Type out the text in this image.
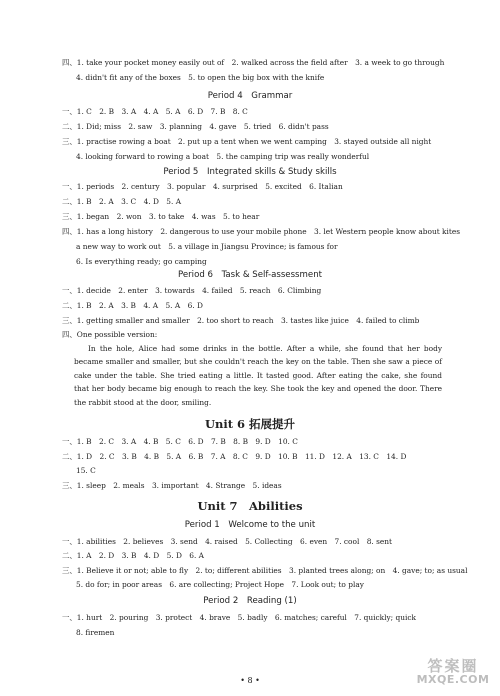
四、1. take your pocket money easily out of　2. walked across the field after　3. a week to go through
4. didn't fit any of the boxes　5. to open the big box with the knife
Period 4　Grammar
一、1. C　2. B　3. A　4. A　5. A　6. D　7. B　8. C
二、1. Did; miss　2. saw　3. planning　4. gave　5. tried　6. didn't pass
三、1. practise rowing a boat　2. put up a tent when we went camping　3. stayed outside all night
4. looking forward to rowing a boat　5. the camping trip was really wonderful
Period 5　Integrated skills & Study skills
一、1. periods　2. century　3. popular　4. surprised　5. excited　6. Italian
二、1. B　2. A　3. C　4. D　5. A
三、1. began　2. won　3. to take　4. was　5. to hear
四、1. has a long history　2. dangerous to use your mobile phone　3. let Western people know about kites
a new way to work out　5. a village in Jiangsu Province; is famous for
6. Is everything ready; go camping
Period 6　Task & Self-assessment
一、1. decide　2. enter　3. towards　4. failed　5. reach　6. Climbing
二、1. B　2. A　3. B　4. A　5. A　6. D
三、1. getting smaller and smaller　2. too short to reach　3. tastes like juice　4. failed to climb
四、One possible version:
In the hole, Alice had some drinks in the bottle. After a while, she found that her body became smaller and smaller, but she couldn't reach the key on the table. Then she saw a piece of cake under the table. She tried eating a little. It tasted good. After eating the cake, she found that her body became big enough to reach the key. She took the key and opened the door. There the rabbit stood at the door, smiling.
Unit 6 拓展提升
一、1. B　2. C　3. A　4. B　5. C　6. D　7. B　8. B　9. D　10. C
二、1. D　2. C　3. B　4. B　5. A　6. B　7. A　8. C　9. D　10. B　11. D　12. A　13. C　14. D
15. C
三、1. sleep　2. meals　3. important　4. Strange　5. ideas
Unit 7　Abilities
Period 1　Welcome to the unit
一、1. abilities　2. believes　3. send　4. raised　5. Collecting　6. even　7. cool　8. sent
二、1. A　2. D　3. B　4. D　5. D　6. A
三、1. Believe it or not; able to fly　2. to; different abilities　3. planted trees along; on　4. gave; to; as usual
5. do for; in poor areas　6. are collecting; Project Hope　7. Look out; to play
Period 2　Reading (1)
一、1. hurt　2. pouring　3. protect　4. brave　5. badly　6. matches; careful　7. quickly; quick
8. firemen
• 8 •
答案圈
MXQE.COM
